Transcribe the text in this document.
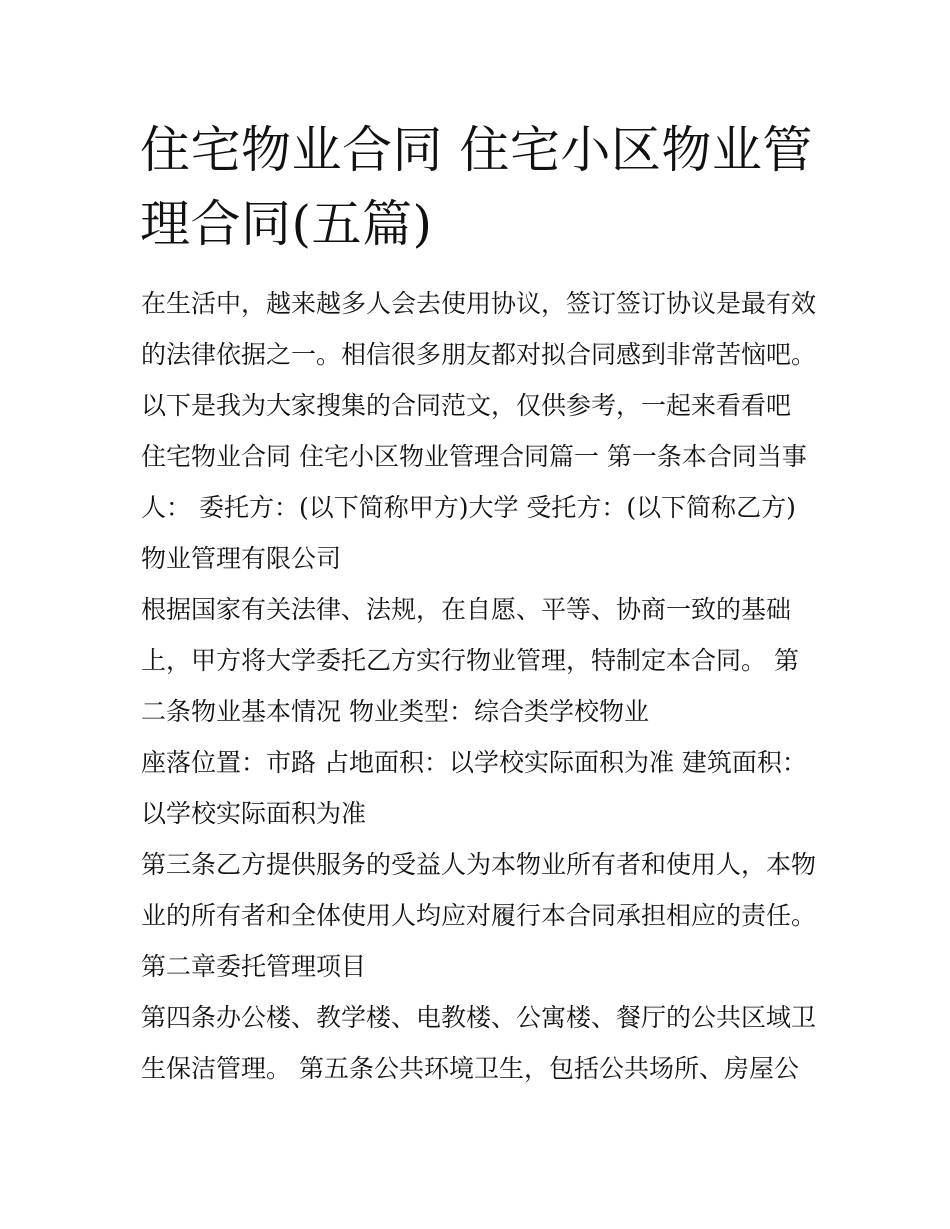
住宅物业合同 住宅小区物业管
理合同(五篇)
在生活中，越来越多人会去使用协议，签订签订协议是最有效
的法律依据之一。相信很多朋友都对拟合同感到非常苦恼吧。
以下是我为大家搜集的合同范文，仅供参考，一起来看看吧
住宅物业合同 住宅小区物业管理合同篇一 第一条本合同当事
人： 委托方：(以下简称甲方)大学 受托方：(以下简称乙方)
物业管理有限公司
根据国家有关法律、法规，在自愿、平等、协商一致的基础
上，甲方将大学委托乙方实行物业管理，特制定本合同。 第
二条物业基本情况 物业类型：综合类学校物业
座落位置：市路 占地面积：以学校实际面积为准 建筑面积：
以学校实际面积为准
第三条乙方提供服务的受益人为本物业所有者和使用人，本物
业的所有者和全体使用人均应对履行本合同承担相应的责任。
第二章委托管理项目
第四条办公楼、教学楼、电教楼、公寓楼、餐厅的公共区域卫
生保洁管理。 第五条公共环境卫生，包括公共场所、房屋公
